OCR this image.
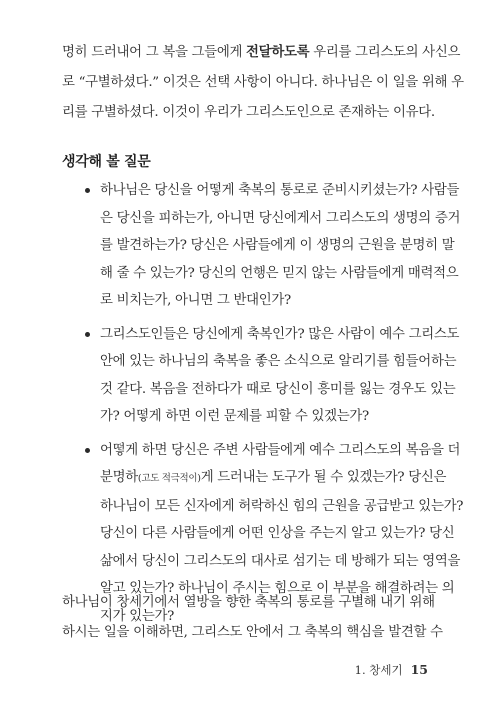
명히 드러내어 그 복을 그들에게 전달하도록 우리를 그리스도의 사신으
로 “구별하셨다.” 이것은 선택 사항이 아니다. 하나님은 이 일을 위해 우
리를 구별하셨다. 이것이 우리가 그리스도인으로 존재하는 이유다.
생각해 볼 질문
하나님은 당신을 어떻게 축복의 통로로 준비시키셨는가? 사람들
은 당신을 피하는가, 아니면 당신에게서 그리스도의 생명의 증거
를 발견하는가? 당신은 사람들에게 이 생명의 근원을 분명히 말
해 줄 수 있는가? 당신의 언행은 믿지 않는 사람들에게 매력적으
로 비치는가, 아니면 그 반대인가?
그리스도인들은 당신에게 축복인가? 많은 사람이 예수 그리스도
안에 있는 하나님의 축복을 좋은 소식으로 알리기를 힘들어하는
것 같다. 복음을 전하다가 때로 당신이 흥미를 잃는 경우도 있는
가? 어떻게 하면 이런 문제를 피할 수 있겠는가?
어떻게 하면 당신은 주변 사람들에게 예수 그리스도의 복음을 더
분명하(고도 적극적이)게 드러내는 도구가 될 수 있겠는가? 당신은
하나님이 모든 신자에게 허락하신 힘의 근원을 공급받고 있는가?
당신이 다른 사람들에게 어떤 인상을 주는지 알고 있는가? 당신
삶에서 당신이 그리스도의 대사로 섬기는 데 방해가 되는 영역을
알고 있는가? 하나님이 주시는 힘으로 이 부분을 해결하려는 의
지가 있는가?
하나님이 창세기에서 열방을 향한 축복의 통로를 구별해 내기 위해
하시는 일을 이해하면, 그리스도 안에서 그 축복의 핵심을 발견할 수
1. 창세기 15
